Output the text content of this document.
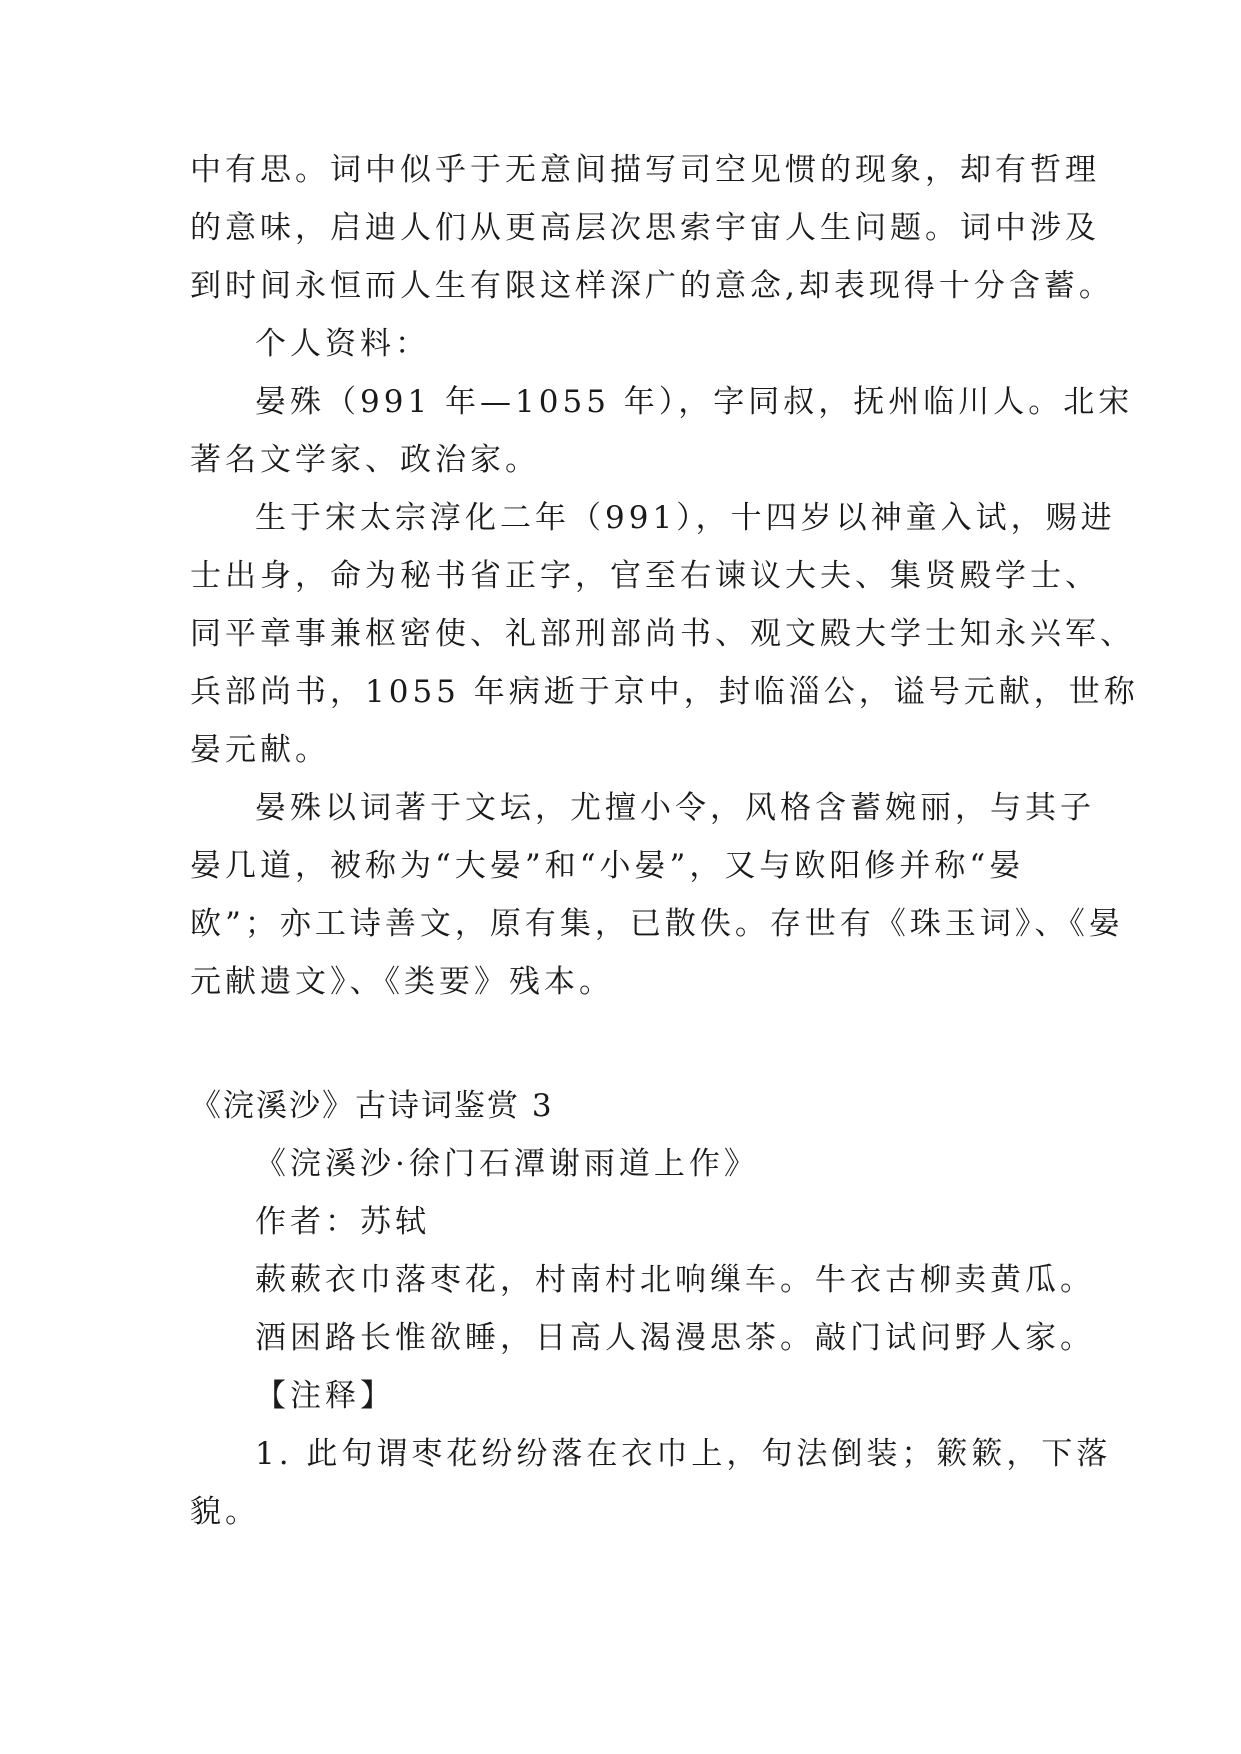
中有思。词中似乎于无意间描写司空见惯的现象，却有哲理
的意味，启迪人们从更高层次思索宇宙人生问题。词中涉及
到时间永恒而人生有限这样深广的意念,却表现得十分含蓄。
个人资料：
晏殊（991 年—1055 年），字同叔，抚州临川人。北宋
著名文学家、政治家。
生于宋太宗淳化二年（991），十四岁以神童入试，赐进
士出身，命为秘书省正字，官至右谏议大夫、集贤殿学士、
同平章事兼枢密使、礼部刑部尚书、观文殿大学士知永兴军、
兵部尚书，1055 年病逝于京中，封临淄公，谥号元献，世称
晏元献。
晏殊以词著于文坛，尤擅小令，风格含蓄婉丽，与其子
晏几道，被称为“大晏”和“小晏”，又与欧阳修并称“晏
欧”；亦工诗善文，原有集，已散佚。存世有《珠玉词》、《晏
元献遗文》、《类要》残本。
《浣溪沙》古诗词鉴赏 3
《浣溪沙·徐门石潭谢雨道上作》
作者：苏轼
蔌蔌衣巾落枣花，村南村北响缫车。牛衣古柳卖黄瓜。
酒困路长惟欲睡，日高人渴漫思茶。敲门试问野人家。
【注释】
1. 此句谓枣花纷纷落在衣巾上，句法倒装；簌簌，下落
貌。
